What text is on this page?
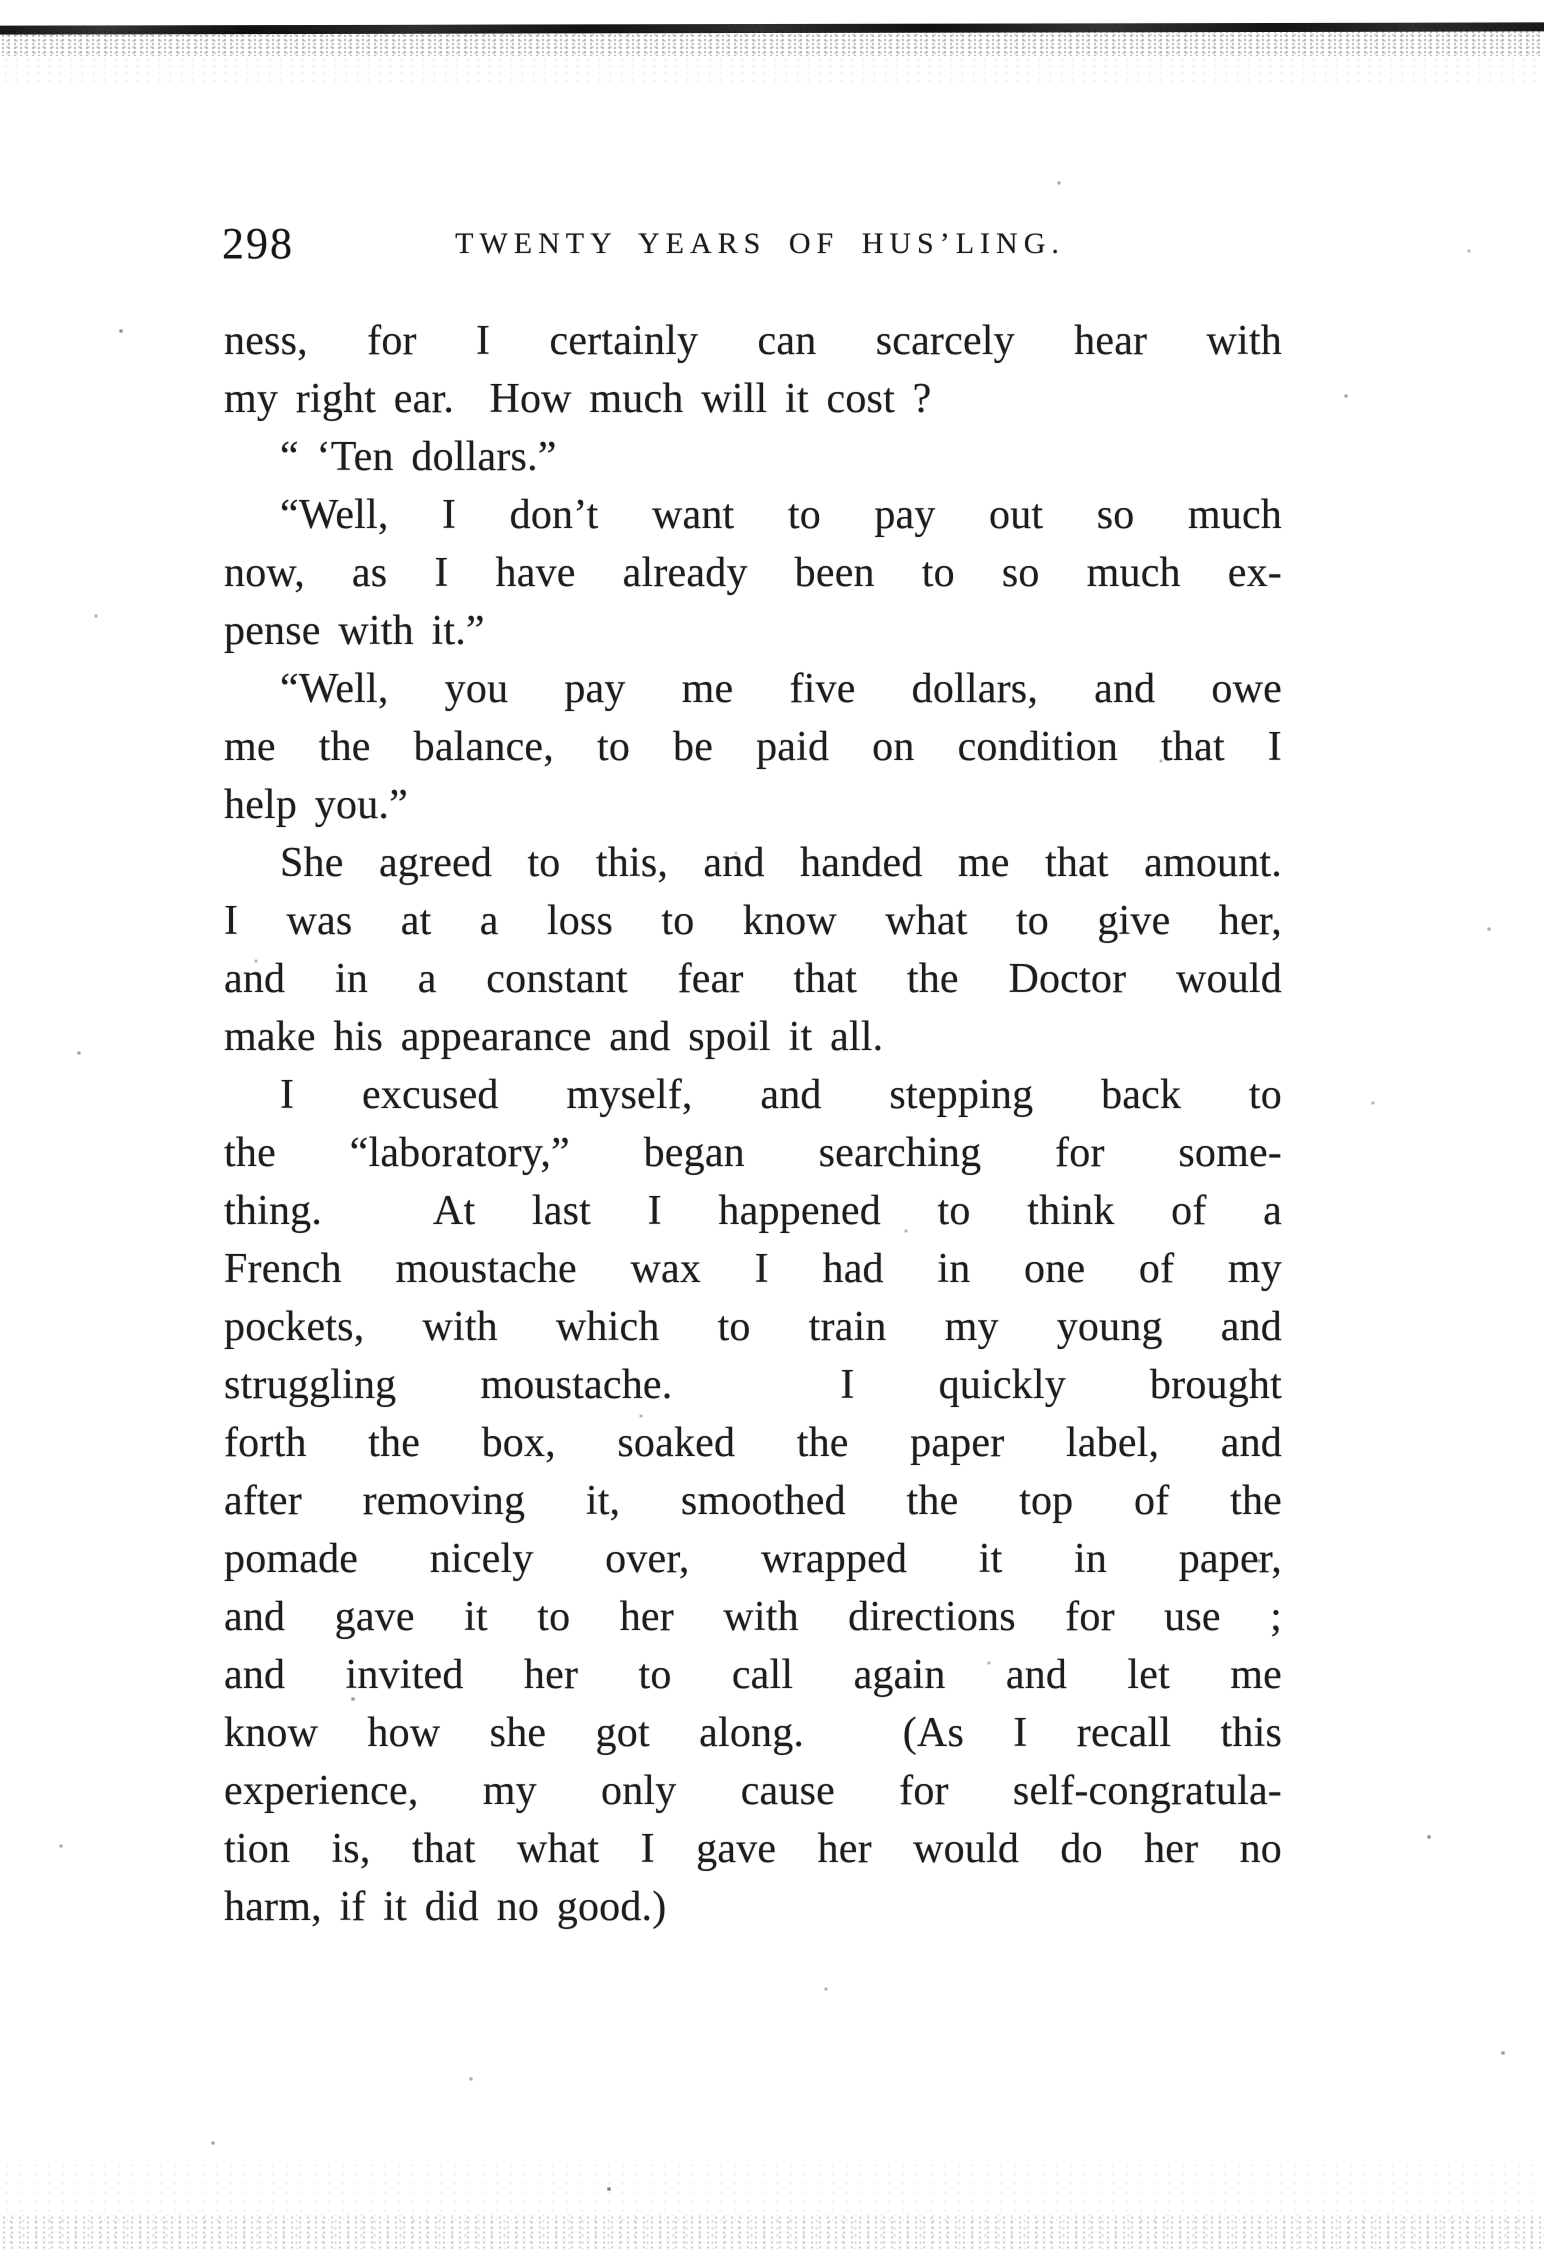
298	TWENTY YEARS OF HUS’LING.
ness, for I certainly can scarcely hear with
my right ear.  How much will it cost ?
“ ‘Ten dollars.”
“Well, I don’t want to pay out so much
now, as I have already been to so much ex-
pense with it.”
“Well, you pay me five dollars, and owe
me the balance, to be paid on condition that I
help you.”
She agreed to this, and handed me that amount.
I was at a loss to know what to give her,
and in a constant fear that the Doctor would
make his appearance and spoil it all.
I excused myself, and stepping back to
the “laboratory,” began searching for some-
thing.  At last I happened to think of a
French moustache wax I had in one of my
pockets, with which to train my young and
struggling moustache.  I quickly brought
forth the box, soaked the paper label, and
after removing it, smoothed the top of the
pomade nicely over, wrapped it in paper,
and gave it to her with directions for use ;
and invited her to call again and let me
know how she got along.  (As I recall this
experience, my only cause for self-congratula-
tion is, that what I gave her would do her no
harm, if it did no good.)
